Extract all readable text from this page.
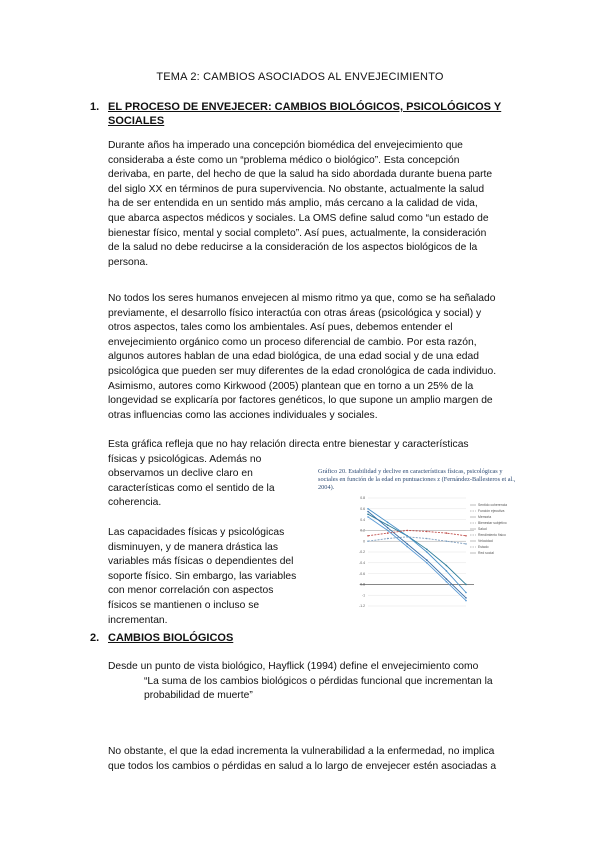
TEMA 2: CAMBIOS ASOCIADOS AL ENVEJECIMIENTO
1. EL PROCESO DE ENVEJECER: CAMBIOS BIOLÓGICOS, PSICOLÓGICOS Y
SOCIALES

Durante años ha imperado una concepción biomédica del envejecimiento que

consideraba a éste como un “problema médico o biológico”. Esta concepción

derivaba, en parte, del hecho de que la salud ha sido abordada durante buena parte

del siglo XX en términos de pura supervivencia. No obstante, actualmente la salud

ha de ser entendida en un sentido más amplio, más cercano a la calidad de vida,

que abarca aspectos médicos y sociales. La OMS define salud como “un estado de

bienestar físico, mental y social completo”. Así pues, actualmente, la consideración

de la salud no debe reducirse a la consideración de los aspectos biológicos de la

persona.

No todos los seres humanos envejecen al mismo ritmo ya que, como se ha señalado

previamente, el desarrollo físico interactúa con otras áreas (psicológica y social) y

otros aspectos, tales como los ambientales. Así pues, debemos entender el

envejecimiento orgánico como un proceso diferencial de cambio. Por esta razón,

algunos autores hablan de una edad biológica, de una edad social y de una edad

psicológica que pueden ser muy diferentes de la edad cronológica de cada individuo.

Asimismo, autores como Kirkwood (2005) plantean que en torno a un 25% de la

longevidad se explicaría por factores genéticos, lo que supone un amplio margen de

otras influencias como las acciones individuales y sociales.

Esta gráfica refleja que no hay relación directa entre bienestar y características

físicas y psicológicas. Además no

observamos un declive claro en

características como el sentido de la

coherencia.

Las capacidades físicas y psicológicas

disminuyen, y de manera drástica las

variables más físicas o dependientes del

soporte físico. Sin embargo, las variables

con menor correlación con aspectos

físicos se mantienen o incluso se

incrementan.

Gráfico 20. Estabilidad y declive en características físicas, psicológicas y sociales en función de la edad en puntuaciones z (Fernández-Ballesteros et al., 2004).
0.8
0.6
0.4
0.2
0
-0.2
-0.4
-0.6
-0.8
-1
-1.2
Sentido coherencia
Función ejecutiva
Memoria
Bienestar subjetivo
Salud
Rendimiento físico
Velocidad
Estado
Red social
2. CAMBIOS BIOLÓGICOS

Desde un punto de vista biológico, Hayflick (1994) define el envejecimiento como

“La suma de los cambios biológicos o pérdidas funcional que incrementan la
probabilidad de muerte”

No obstante, el que la edad incrementa la vulnerabilidad a la enfermedad, no implica

que todos los cambios o pérdidas en salud a lo largo de envejecer estén asociadas a
